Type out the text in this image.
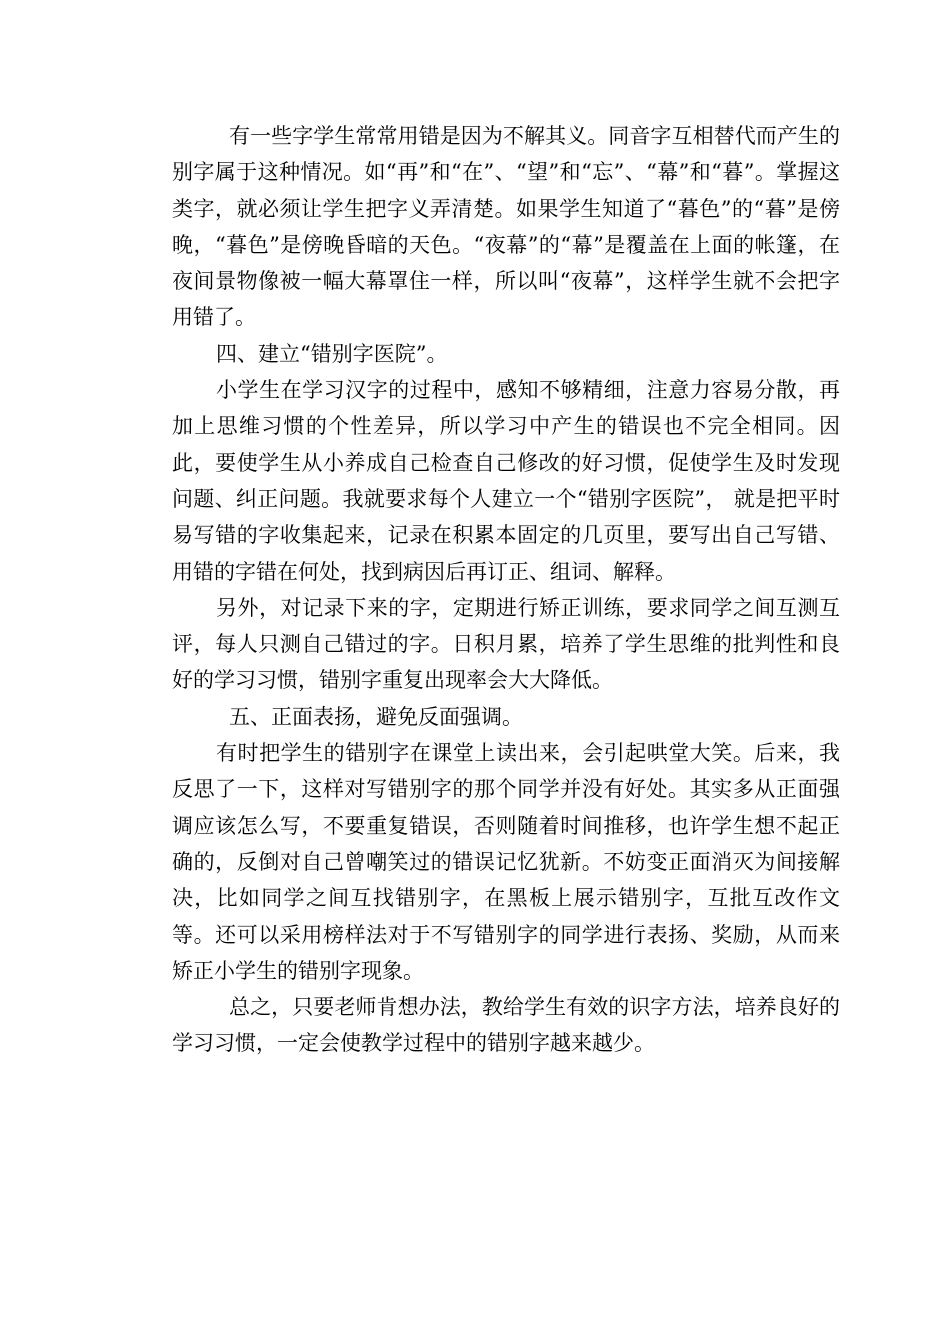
有一些字学生常常用错是因为不解其义。同音字互相替代而产生的别字属于这种情况。如“再”和“在”、“望”和“忘”、“幕”和“暮”。掌握这类字，就必须让学生把字义弄清楚。如果学生知道了“暮色”的“暮”是傍晚，“暮色”是傍晚昏暗的天色。“夜幕”的“幕”是覆盖在上面的帐篷，在夜间景物像被一幅大幕罩住一样，所以叫“夜幕”，这样学生就不会把字用错了。

四、建立“错别字医院”。

小学生在学习汉字的过程中，感知不够精细，注意力容易分散，再加上思维习惯的个性差异，所以学习中产生的错误也不完全相同。因此，要使学生从小养成自己检查自己修改的好习惯，促使学生及时发现问题、纠正问题。我就要求每个人建立一个“错别字医院”， 就是把平时易写错的字收集起来，记录在积累本固定的几页里，要写出自己写错、用错的字错在何处，找到病因后再订正、组词、解释。

另外，对记录下来的字，定期进行矫正训练，要求同学之间互测互评，每人只测自己错过的字。日积月累，培养了学生思维的批判性和良好的学习习惯，错别字重复出现率会大大降低。

五、正面表扬，避免反面强调。

有时把学生的错别字在课堂上读出来，会引起哄堂大笑。后来，我反思了一下，这样对写错别字的那个同学并没有好处。其实多从正面强调应该怎么写，不要重复错误，否则随着时间推移，也许学生想不起正确的，反倒对自己曾嘲笑过的错误记忆犹新。不妨变正面消灭为间接解决，比如同学之间互找错别字，在黑板上展示错别字，互批互改作文等。还可以采用榜样法对于不写错别字的同学进行表扬、奖励，从而来矫正小学生的错别字现象。

总之，只要老师肯想办法，教给学生有效的识字方法，培养良好的学习习惯，一定会使教学过程中的错别字越来越少。
